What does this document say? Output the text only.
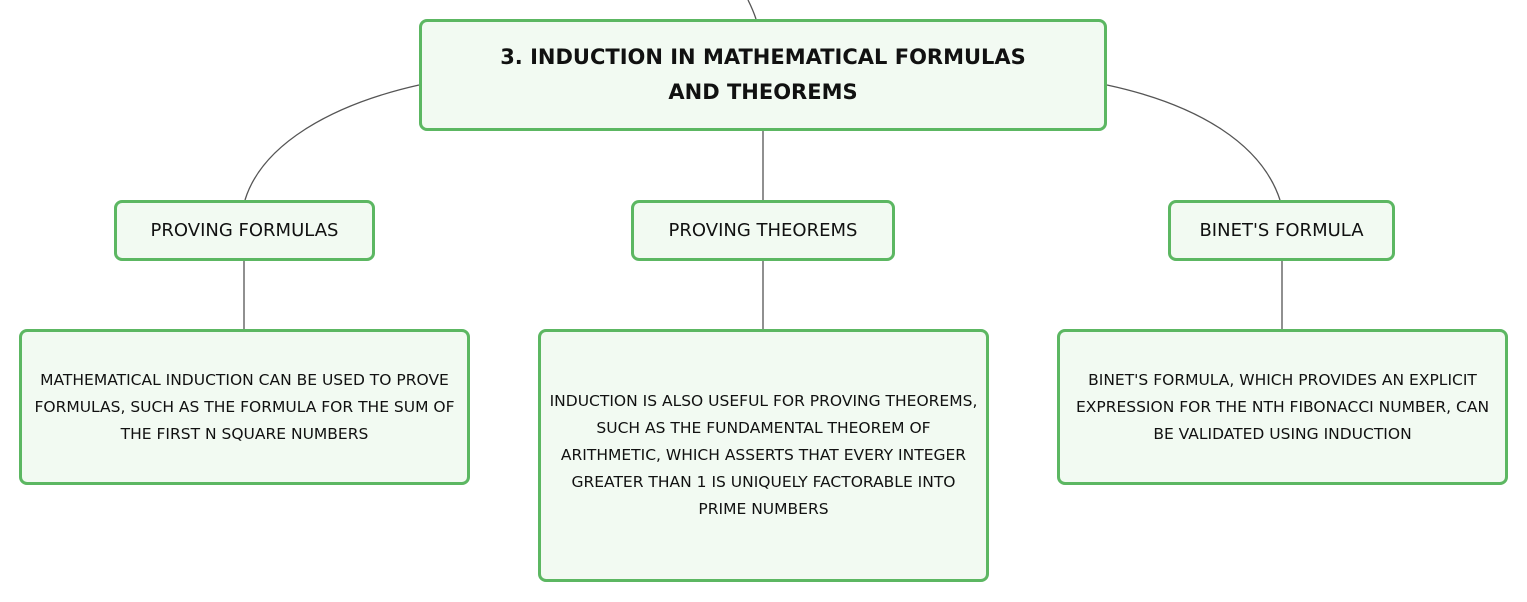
3. INDUCTION IN MATHEMATICAL FORMULAS AND THEOREMS
PROVING FORMULAS	PROVING THEOREMS	BINET'S FORMULA
MATHEMATICAL INDUCTION CAN BE USED TO PROVE FORMULAS, SUCH AS THE FORMULA FOR THE SUM OF THE FIRST N SQUARE NUMBERS
INDUCTION IS ALSO USEFUL FOR PROVING THEOREMS, SUCH AS THE FUNDAMENTAL THEOREM OF ARITHMETIC, WHICH ASSERTS THAT EVERY INTEGER GREATER THAN 1 IS UNIQUELY FACTORABLE INTO PRIME NUMBERS
BINET'S FORMULA, WHICH PROVIDES AN EXPLICIT EXPRESSION FOR THE NTH FIBONACCI NUMBER, CAN BE VALIDATED USING INDUCTION
